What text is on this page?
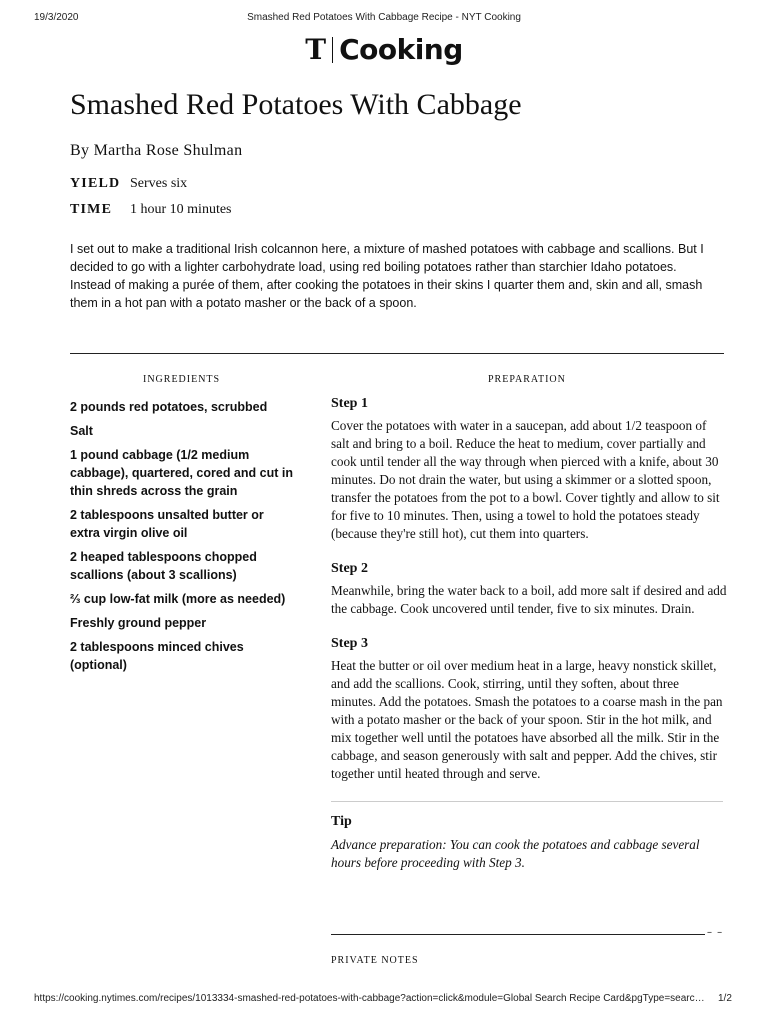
19/3/2020	Smashed Red Potatoes With Cabbage Recipe - NYT Cooking
T Cooking
Smashed Red Potatoes With Cabbage
By Martha Rose Shulman
YIELD Serves six
TIME 1 hour 10 minutes

I set out to make a traditional Irish colcannon here, a mixture of mashed potatoes with cabbage and scallions. But I decided to go with a lighter carbohydrate load, using red boiling potatoes rather than starchier Idaho potatoes. Instead of making a purée of them, after cooking the potatoes in their skins I quarter them and, skin and all, smash them in a hot pan with a potato masher or the back of a spoon.

INGREDIENTS	PREPARATION
2 pounds red potatoes, scrubbed
Salt
1 pound cabbage (1/2 medium cabbage), quartered, cored and cut in thin shreds across the grain
2 tablespoons unsalted butter or extra virgin olive oil
2 heaped tablespoons chopped scallions (about 3 scallions)
⅔ cup low-fat milk (more as needed)
Freshly ground pepper
2 tablespoons minced chives (optional)
Step 1

Cover the potatoes with water in a saucepan, add about 1/2 teaspoon of salt and bring to a boil. Reduce the heat to medium, cover partially and cook until tender all the way through when pierced with a knife, about 30 minutes. Do not drain the water, but using a skimmer or a slotted spoon, transfer the potatoes from the pot to a bowl. Cover tightly and allow to sit for five to 10 minutes. Then, using a towel to hold the potatoes steady (because they're still hot), cut them into quarters.

Step 2

Meanwhile, bring the water back to a boil, add more salt if desired and add the cabbage. Cook uncovered until tender, five to six minutes. Drain.

Step 3

Heat the butter or oil over medium heat in a large, heavy nonstick skillet, and add the scallions. Cook, stirring, until they soften, about three minutes. Add the potatoes. Smash the potatoes to a coarse mash in the pan with a potato masher or the back of your spoon. Stir in the hot milk, and mix together well until the potatoes have absorbed all the milk. Stir in the cabbage, and season generously with salt and pepper. Add the chives, stir together until heated through and serve.

Tip

Advance preparation: You can cook the potatoes and cabbage several hours before proceeding with Step 3.

– –
PRIVATE NOTES
https://cooking.nytimes.com/recipes/1013334-smashed-red-potatoes-with-cabbage?action=click&module=Global Search Recipe Card&pgType=searc…	1/2
